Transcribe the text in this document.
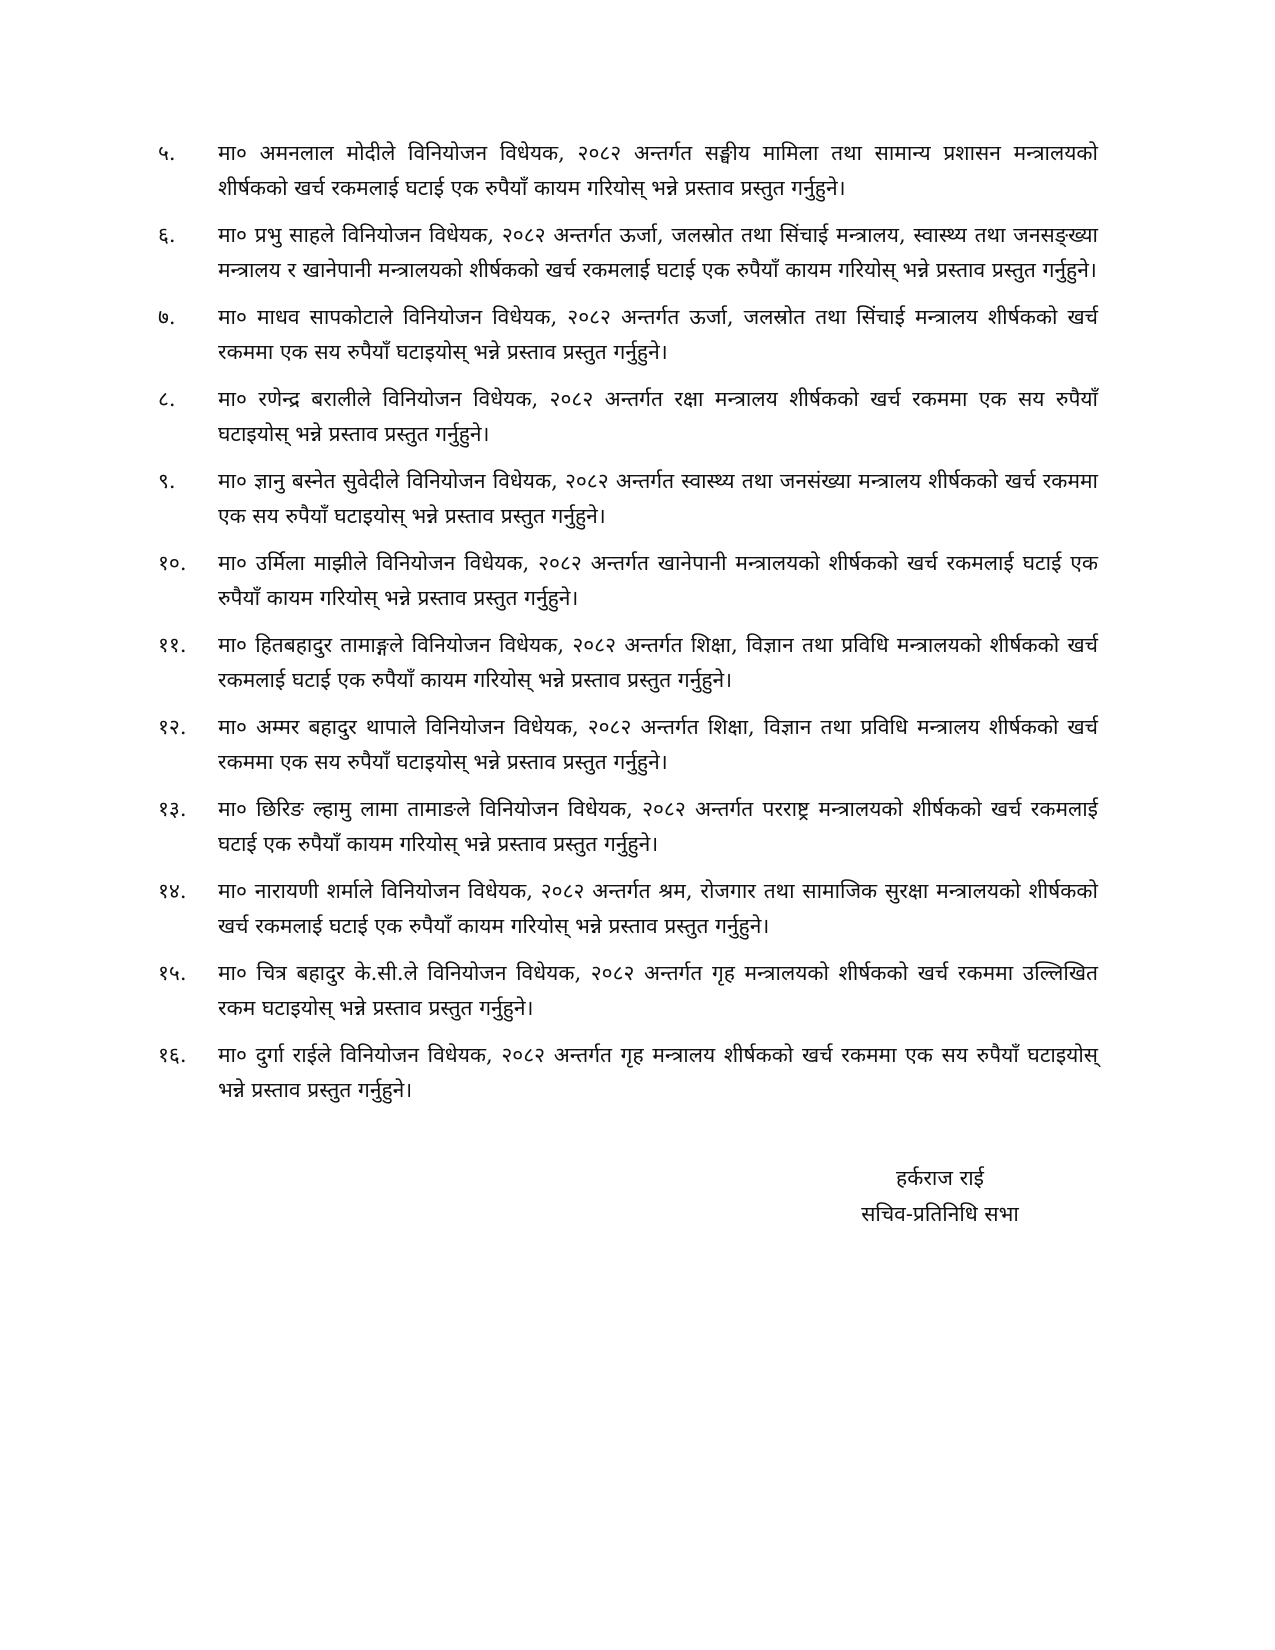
५.	मा० अमनलाल मोदीले विनियोजन विधेयक, २०८२ अन्तर्गत सङ्घीय मामिला तथा सामान्य प्रशासन मन्त्रालयको शीर्षकको खर्च रकमलाई घटाई एक रुपैयाँ कायम गरियोस् भन्ने प्रस्ताव प्रस्तुत गर्नुहुने।
६.	मा० प्रभु साहले विनियोजन विधेयक, २०८२ अन्तर्गत ऊर्जा, जलस्रोत तथा सिंचाई मन्त्रालय, स्वास्थ्य तथा जनसङ्ख्या मन्त्रालय र खानेपानी मन्त्रालयको शीर्षकको खर्च रकमलाई घटाई एक रुपैयाँ कायम गरियोस् भन्ने प्रस्ताव प्रस्तुत गर्नुहुने।
७.	मा० माधव सापकोटाले विनियोजन विधेयक, २०८२ अन्तर्गत ऊर्जा, जलस्रोत तथा सिंचाई मन्त्रालय शीर्षकको खर्च रकममा एक सय रुपैयाँ घटाइयोस् भन्ने प्रस्ताव प्रस्तुत गर्नुहुने।
८.	मा० रणेन्द्र बरालीले विनियोजन विधेयक, २०८२ अन्तर्गत रक्षा मन्त्रालय शीर्षकको खर्च रकममा एक सय रुपैयाँ घटाइयोस् भन्ने प्रस्ताव प्रस्तुत गर्नुहुने।
९.	मा० ज्ञानु बस्नेत सुवेदीले विनियोजन विधेयक, २०८२ अन्तर्गत स्वास्थ्य तथा जनसंख्या मन्त्रालय शीर्षकको खर्च रकममा एक सय रुपैयाँ घटाइयोस् भन्ने प्रस्ताव प्रस्तुत गर्नुहुने।
१०.	मा० उर्मिला माझीले विनियोजन विधेयक, २०८२ अन्तर्गत खानेपानी मन्त्रालयको शीर्षकको खर्च रकमलाई घटाई एक रुपैयाँ कायम गरियोस् भन्ने प्रस्ताव प्रस्तुत गर्नुहुने।
११.	मा० हितबहादुर तामाङ्गले विनियोजन विधेयक, २०८२ अन्तर्गत शिक्षा, विज्ञान तथा प्रविधि मन्त्रालयको शीर्षकको खर्च रकमलाई घटाई एक रुपैयाँ कायम गरियोस् भन्ने प्रस्ताव प्रस्तुत गर्नुहुने।
१२.	मा० अम्मर बहादुर थापाले विनियोजन विधेयक, २०८२ अन्तर्गत शिक्षा, विज्ञान तथा प्रविधि मन्त्रालय शीर्षकको खर्च रकममा एक सय रुपैयाँ घटाइयोस् भन्ने प्रस्ताव प्रस्तुत गर्नुहुने।
१३.	मा० छिरिङ ल्हामु लामा तामाङले विनियोजन विधेयक, २०८२ अन्तर्गत परराष्ट्र मन्त्रालयको शीर्षकको खर्च रकमलाई घटाई एक रुपैयाँ कायम गरियोस् भन्ने प्रस्ताव प्रस्तुत गर्नुहुने।
१४.	मा० नारायणी शर्माले विनियोजन विधेयक, २०८२ अन्तर्गत श्रम, रोजगार तथा सामाजिक सुरक्षा मन्त्रालयको शीर्षकको खर्च रकमलाई घटाई एक रुपैयाँ कायम गरियोस् भन्ने प्रस्ताव प्रस्तुत गर्नुहुने।
१५.	मा० चित्र बहादुर के.सी.ले विनियोजन विधेयक, २०८२ अन्तर्गत गृह मन्त्रालयको शीर्षकको खर्च रकममा उल्लिखित रकम घटाइयोस् भन्ने प्रस्ताव प्रस्तुत गर्नुहुने।
१६.	मा० दुर्गा राईले विनियोजन विधेयक, २०८२ अन्तर्गत गृह मन्त्रालय शीर्षकको खर्च रकममा एक सय रुपैयाँ घटाइयोस् भन्ने प्रस्ताव प्रस्तुत गर्नुहुने।
हर्कराज राई
सचिव-प्रतिनिधि सभा
